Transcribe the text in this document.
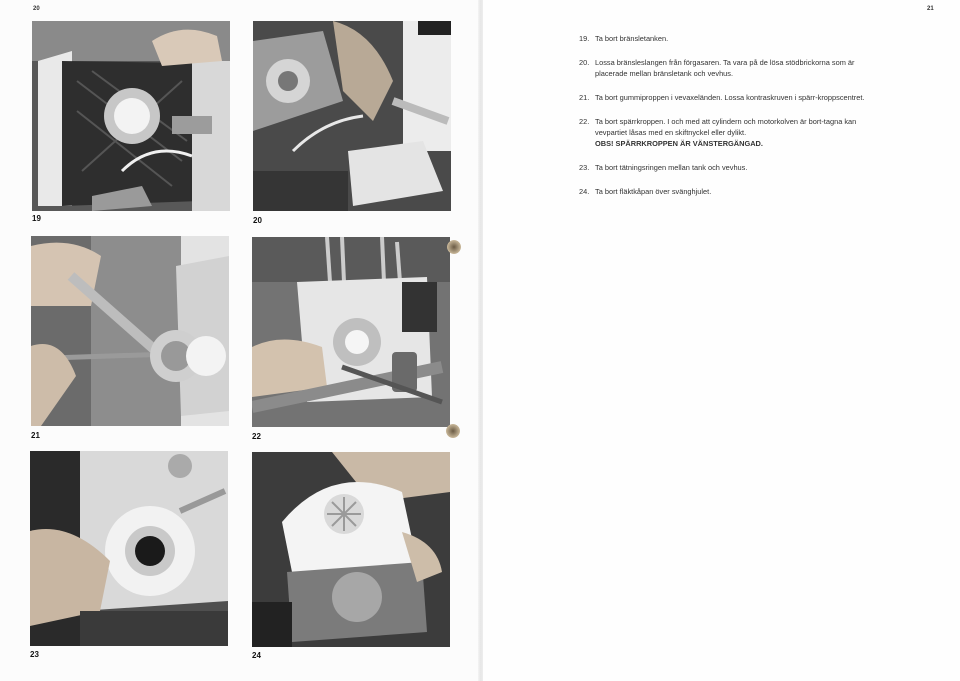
20
19	20
21	22
23	24
21
19. Ta bort bränsletanken.
20. Lossa bränsleslangen från förgasaren. Ta vara på de lösa stödbrickorna som är placerade mellan bränsletank och vevhus.
21. Ta bort gummiproppen i vevaxeländen. Lossa kontraskruven i spärr-kroppscentret.
22. Ta bort spärrkroppen. I och med att cylindern och motorkolven är bort-tagna kan vevpartiet låsas med en skiftnyckel eller dylikt.
OBS! SPÄRRKROPPEN ÄR VÄNSTERGÄNGAD.
23. Ta bort tätningsringen mellan tank och vevhus.
24. Ta bort fläktkåpan över svänghjulet.
